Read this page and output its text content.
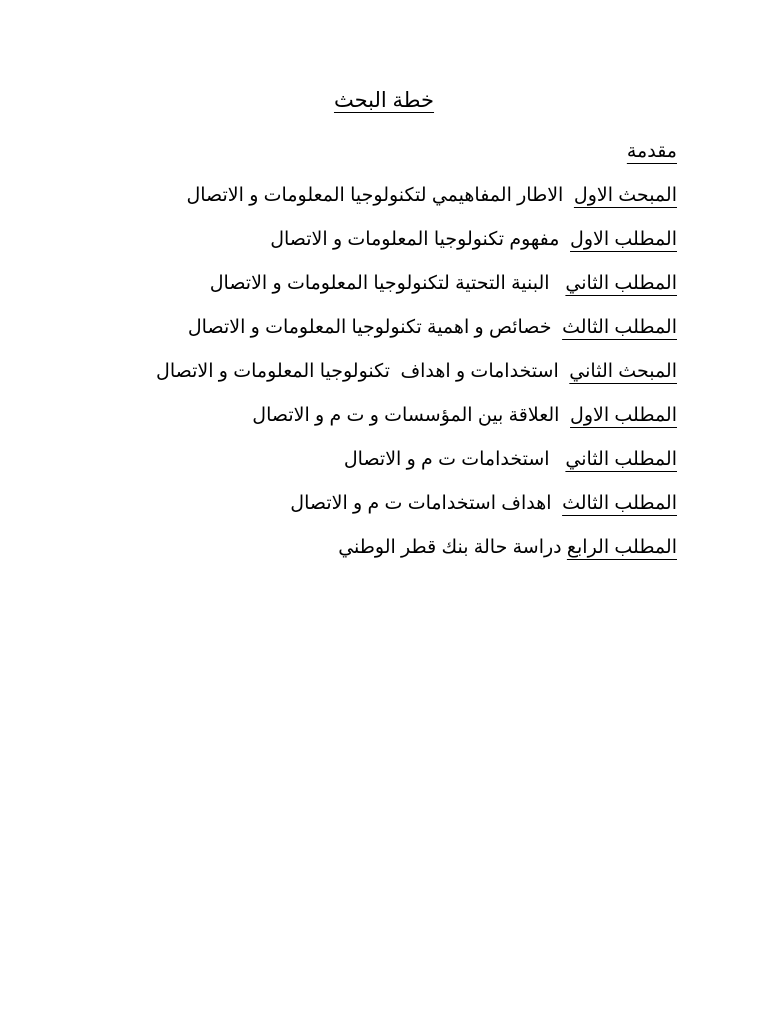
خطة البحث
مقدمة
المبحث الاول  الاطار المفاهيمي لتكنولوجيا المعلومات و الاتصال
المطلب الاول  مفهوم تكنولوجيا المعلومات و الاتصال
المطلب الثاني   البنية التحتية لتكنولوجيا المعلومات و الاتصال
المطلب الثالث  خصائص و اهمية تكنولوجيا المعلومات و الاتصال
المبحث الثاني  استخدامات و اهداف  تكنولوجيا المعلومات و الاتصال
المطلب الاول  العلاقة بين المؤسسات و ت م و الاتصال
المطلب الثاني   استخدامات ت م و الاتصال
المطلب الثالث  اهداف استخدامات ت م و الاتصال
المطلب الرابع دراسة حالة بنك قطر الوطني
